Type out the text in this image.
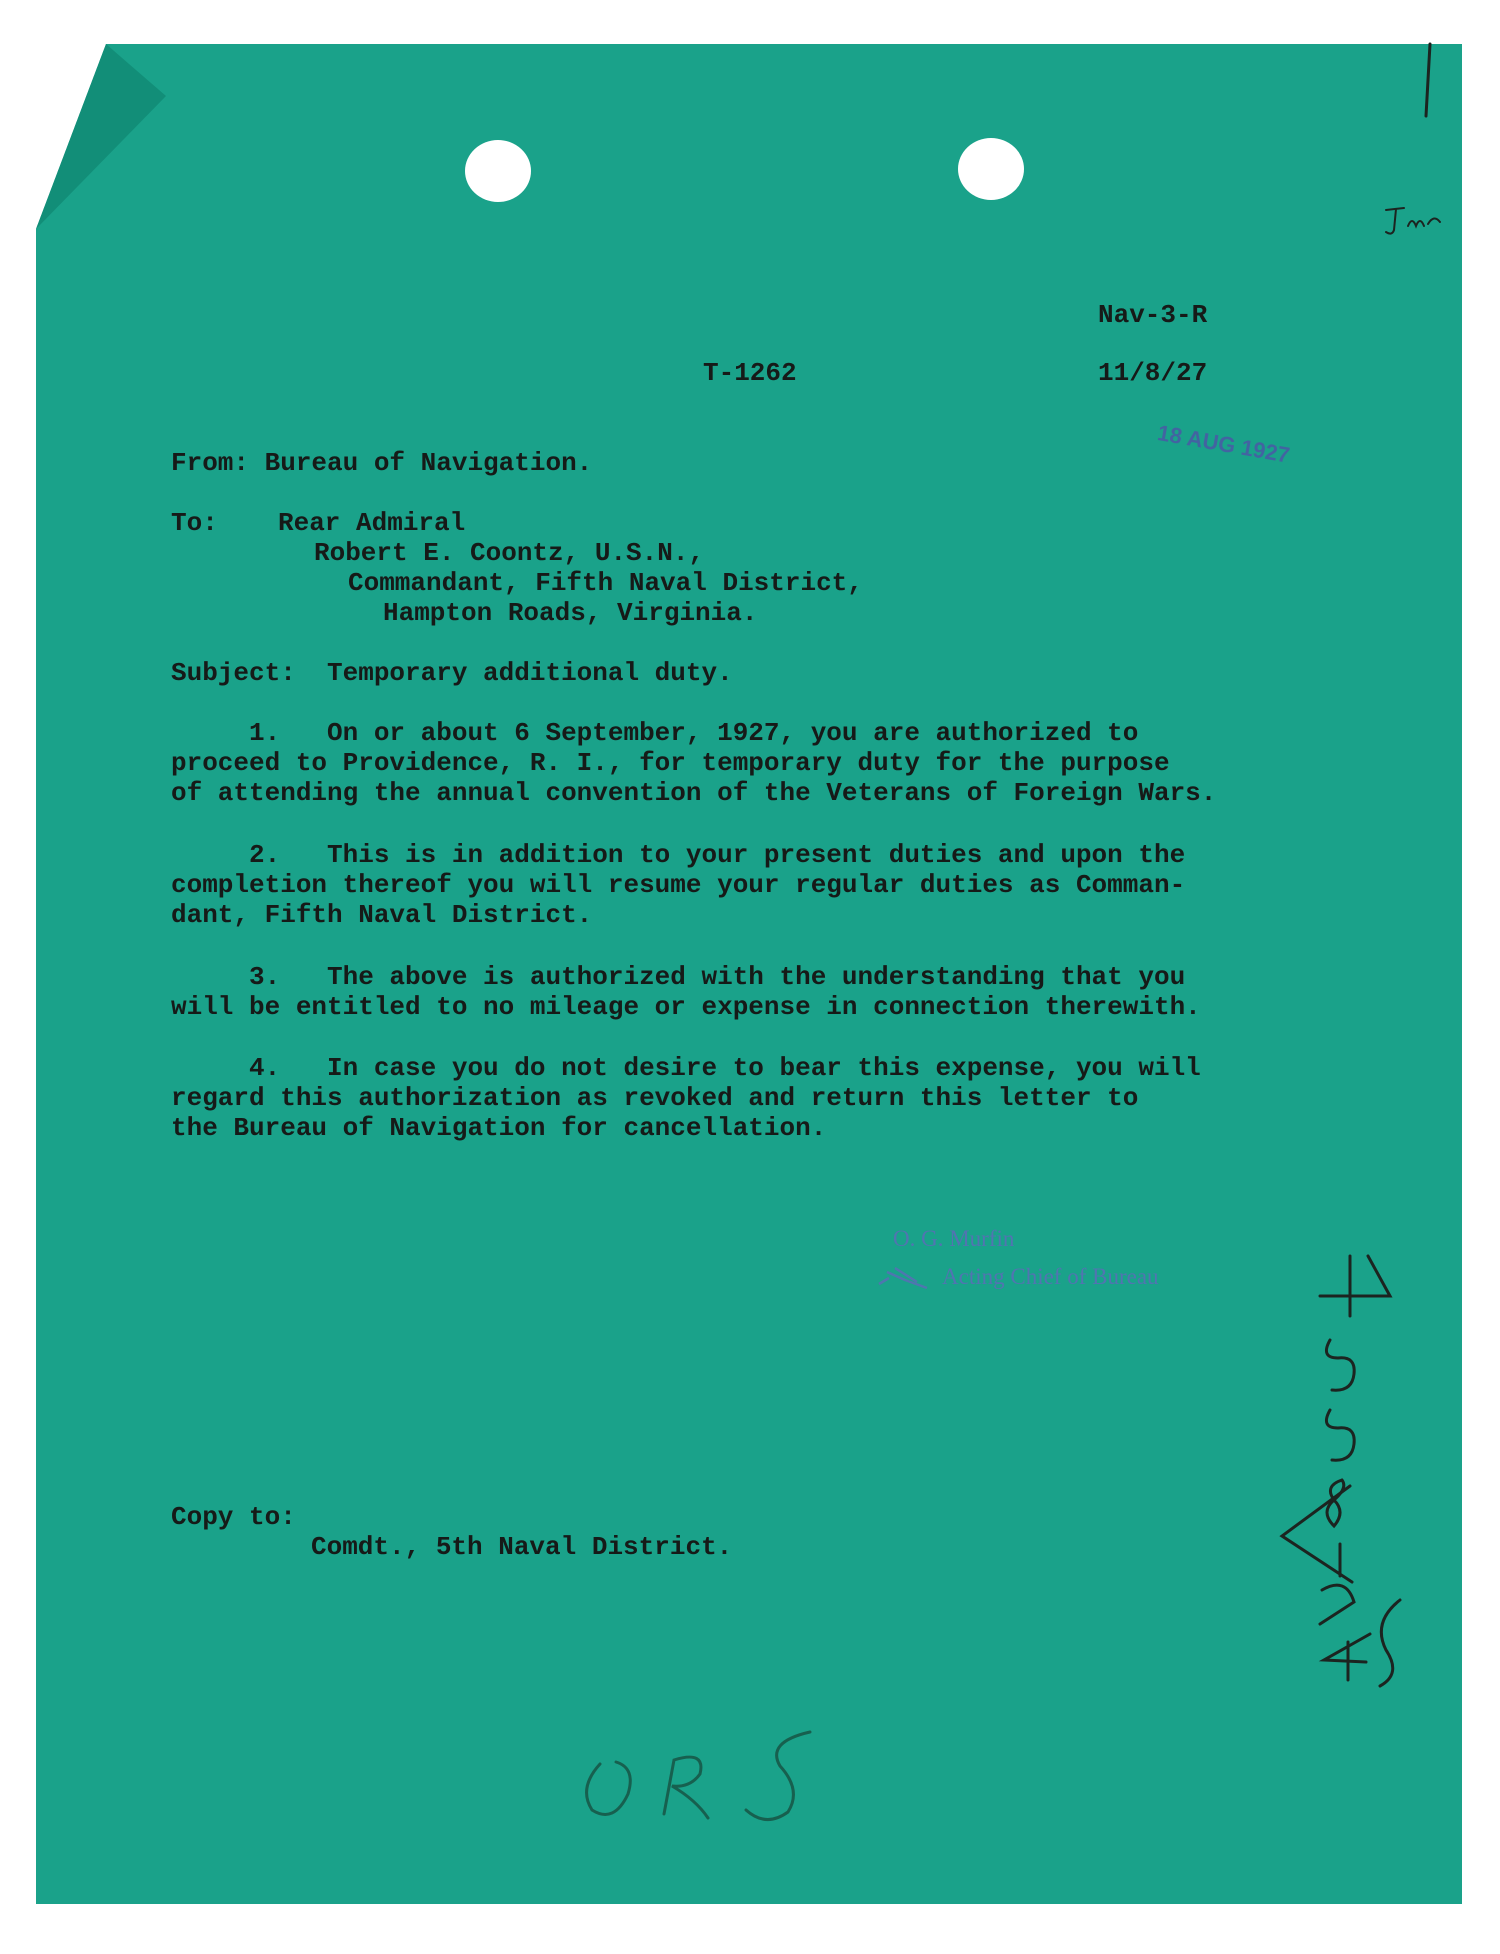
Nav-3-R

T-1262	11/8/27

18 AUG 1927

From: Bureau of Navigation.

To: Rear Admiral

Robert E. Coontz, U.S.N.,

Commandant, Fifth Naval District,

Hampton Roads, Virginia.

Subject:  Temporary additional duty.

1.   On or about 6 September, 1927, you are authorized to

proceed to Providence, R. I., for temporary duty for the purpose

of attending the annual convention of the Veterans of Foreign Wars.

2.   This is in addition to your present duties and upon the

completion thereof you will resume your regular duties as Comman-

dant, Fifth Naval District.

3.   The above is authorized with the understanding that you

will be entitled to no mileage or expense in connection therewith.

4.   In case you do not desire to bear this expense, you will

regard this authorization as revoked and return this letter to

the Bureau of Navigation for cancellation.

O. G. Murfin
Acting Chief of Bureau

Copy to:

Comdt., 5th Naval District.
